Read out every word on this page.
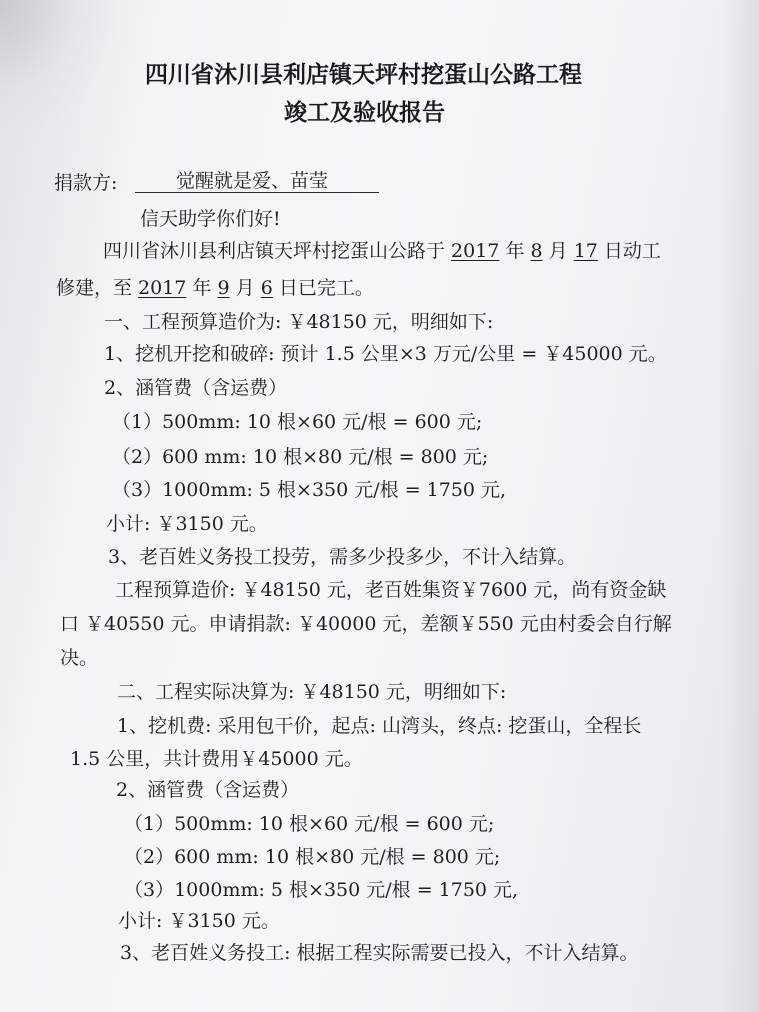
四川省沐川县利店镇天坪村挖蛋山公路工程
竣工及验收报告
捐款方:	觉醒就是爱、苗莹
信天助学你们好!
四川省沐川县利店镇天坪村挖蛋山公路于 2017 年 8 月 17 日动工
修建，至 2017 年 9 月 6 日已完工。
一、工程预算造价为: ￥48150 元，明细如下:
1、挖机开挖和破碎: 预计 1.5 公里×3 万元/公里 = ￥45000 元。
2、涵管费（含运费）
（1）500mm: 10 根×60 元/根 = 600 元;
（2）600 mm: 10 根×80 元/根 = 800 元;
（3）1000mm: 5 根×350 元/根 = 1750 元,
小计: ￥3150 元。
3、老百姓义务投工投劳，需多少投多少，不计入结算。
工程预算造价: ￥48150 元，老百姓集资￥7600 元，尚有资金缺
口 ￥40550 元。申请捐款: ￥40000 元，差额￥550 元由村委会自行解
决。
二、工程实际决算为: ￥48150 元，明细如下:
1、挖机费: 采用包干价，起点: 山湾头，终点: 挖蛋山，全程长
1.5 公里，共计费用￥45000 元。
2、涵管费（含运费）
（1）500mm: 10 根×60 元/根 = 600 元;
（2）600 mm: 10 根×80 元/根 = 800 元;
（3）1000mm: 5 根×350 元/根 = 1750 元,
小计: ￥3150 元。
3、老百姓义务投工: 根据工程实际需要已投入，不计入结算。
